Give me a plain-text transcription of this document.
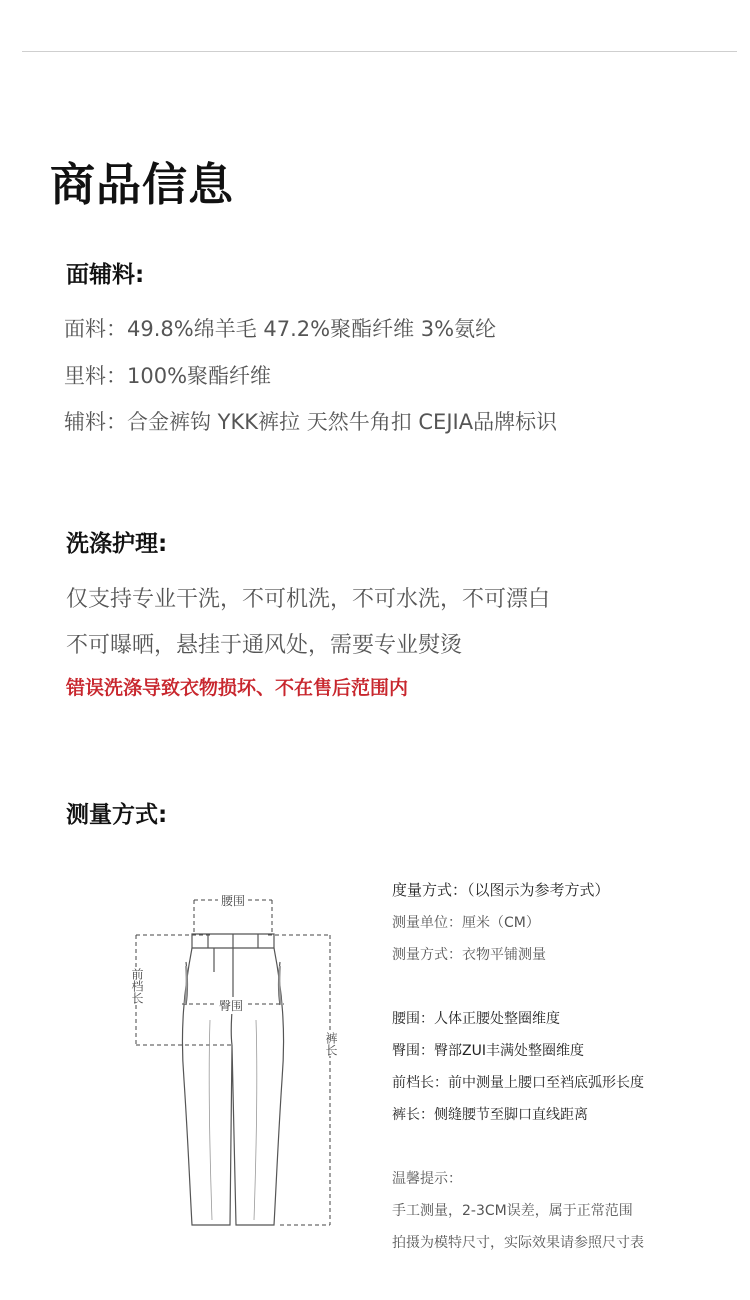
商品信息
面辅料:
面料：49.8%绵羊毛 47.2%聚酯纤维 3%氨纶
里料：100%聚酯纤维
辅料：合金裤钩 YKK裤拉 天然牛角扣 CEJIA品牌标识
洗涤护理:
仅支持专业干洗，不可机洗，不可水洗，不可漂白
不可曝晒，悬挂于通风处，需要专业熨烫
错误洗涤导致衣物损坏、不在售后范围内
测量方式:
腰围
臀围
前档长
裤长
度量方式：（以图示为参考方式）
测量单位：厘米（CM）
测量方式：衣物平铺测量
腰围：人体正腰处整圈维度
臀围：臀部ZUI丰满处整圈维度
前档长：前中测量上腰口至裆底弧形长度
裤长：侧缝腰节至脚口直线距离
温馨提示：
手工测量，2-3CM误差，属于正常范围
拍摄为模特尺寸，实际效果请参照尺寸表
